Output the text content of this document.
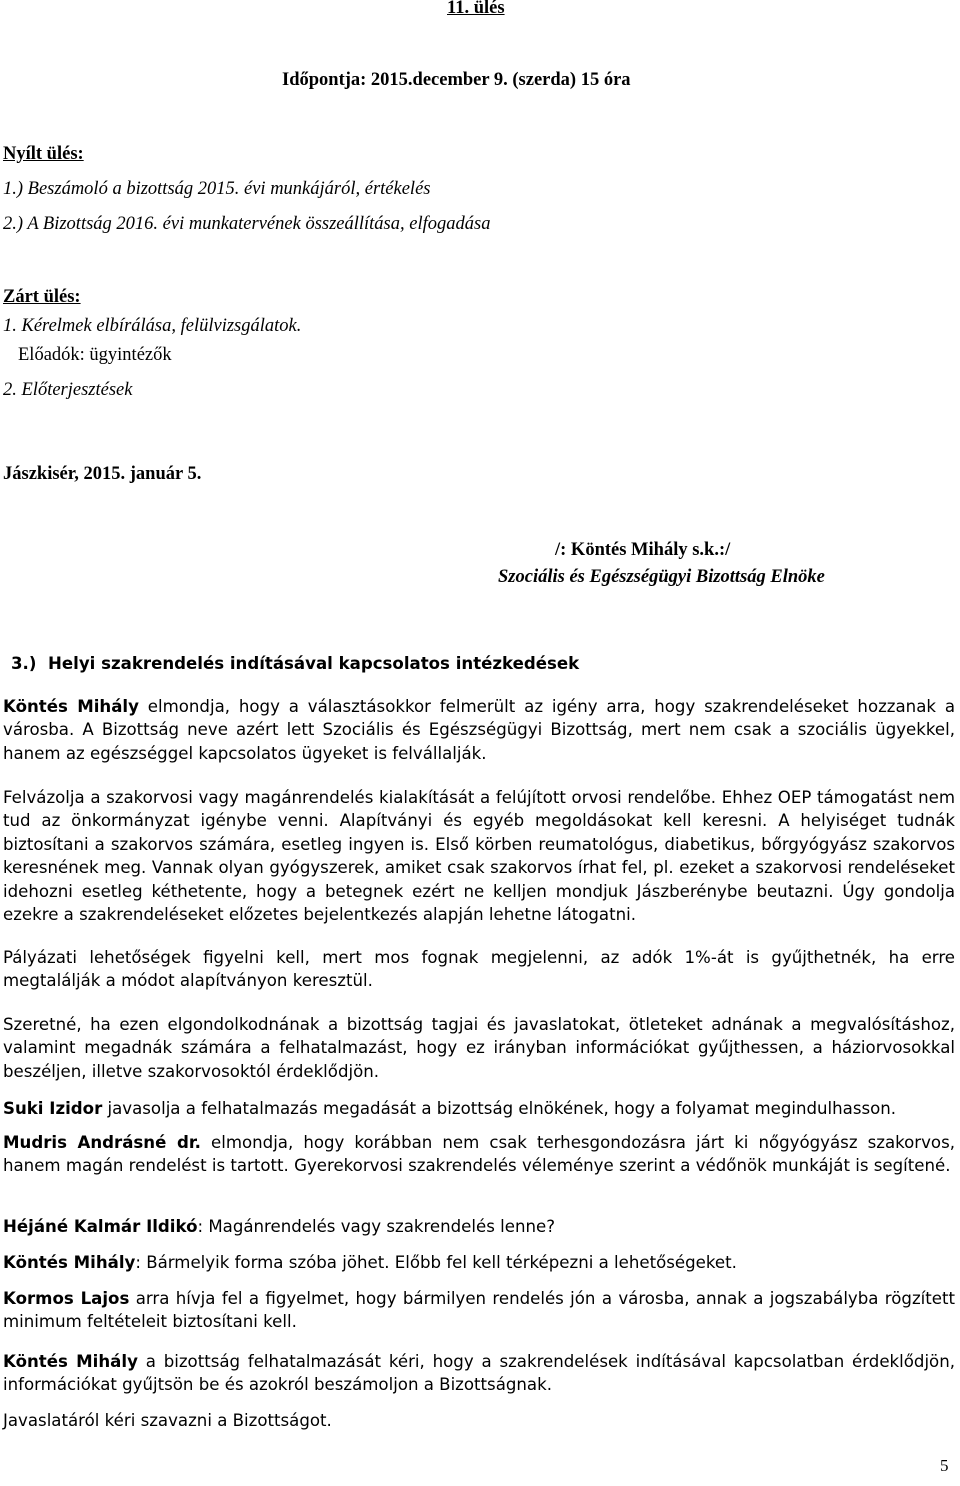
11. ülés
Időpontja: 2015.december 9. (szerda) 15 óra
Nyílt ülés:
1.) Beszámoló a bizottság 2015. évi munkájáról, értékelés
2.) A Bizottság 2016. évi munkatervének összeállítása, elfogadása
Zárt ülés:
1. Kérelmek elbírálása, felülvizsgálatok.
Előadók: ügyintézők
2. Előterjesztések
Jászkisér, 2015. január 5.
/: Köntés Mihály s.k.:/
Szociális és Egészségügyi Bizottság Elnöke
3.) Helyi szakrendelés indításával kapcsolatos intézkedések

Köntés Mihály elmondja, hogy a választásokkor felmerült az igény arra, hogy szakrendeléseket hozzanak a városba. A Bizottság neve azért lett Szociális és Egészségügyi Bizottság, mert nem csak a szociális ügyekkel, hanem az egészséggel kapcsolatos ügyeket is felvállalják.

Felvázolja a szakorvosi vagy magánrendelés kialakítását a felújított orvosi rendelőbe. Ehhez OEP támogatást nem tud az önkormányzat igénybe venni. Alapítványi és egyéb megoldásokat kell keresni. A helyiséget tudnák biztosítani a szakorvos számára, esetleg ingyen is. Első körben reumatológus, diabetikus, bőrgyógyász szakorvos keresnének meg. Vannak olyan gyógyszerek, amiket csak szakorvos írhat fel, pl. ezeket a szakorvosi rendeléseket idehozni esetleg kéthetente, hogy a betegnek ezért ne kelljen mondjuk Jászberénybe beutazni. Úgy gondolja ezekre a szakrendeléseket előzetes bejelentkezés alapján lehetne látogatni.

Pályázati lehetőségek figyelni kell, mert mos fognak megjelenni, az adók 1%-át is gyűjthetnék, ha erre megtalálják a módot alapítványon keresztül.

Szeretné, ha ezen elgondolkodnának a bizottság tagjai és javaslatokat, ötleteket adnának a megvalósításhoz, valamint megadnák számára a felhatalmazást, hogy ez irányban információkat gyűjthessen, a háziorvosokkal beszéljen, illetve szakorvosoktól érdeklődjön.

Suki Izidor javasolja a felhatalmazás megadását a bizottság elnökének, hogy a folyamat megindulhasson.

Mudris Andrásné dr. elmondja, hogy korábban nem csak terhesgondozásra járt ki nőgyógyász szakorvos, hanem magán rendelést is tartott. Gyerekorvosi szakrendelés véleménye szerint a védőnök munkáját is segítené.

Héjáné Kalmár Ildikó: Magánrendelés vagy szakrendelés lenne?

Köntés Mihály: Bármelyik forma szóba jöhet. Előbb fel kell térképezni a lehetőségeket.

Kormos Lajos arra hívja fel a figyelmet, hogy bármilyen rendelés jón a városba, annak a jogszabályba rögzített minimum feltételeit biztosítani kell.

Köntés Mihály a bizottság felhatalmazását kéri, hogy a szakrendelések indításával kapcsolatban érdeklődjön, információkat gyűjtsön be és azokról beszámoljon a Bizottságnak.

Javaslatáról kéri szavazni a Bizottságot.

5
